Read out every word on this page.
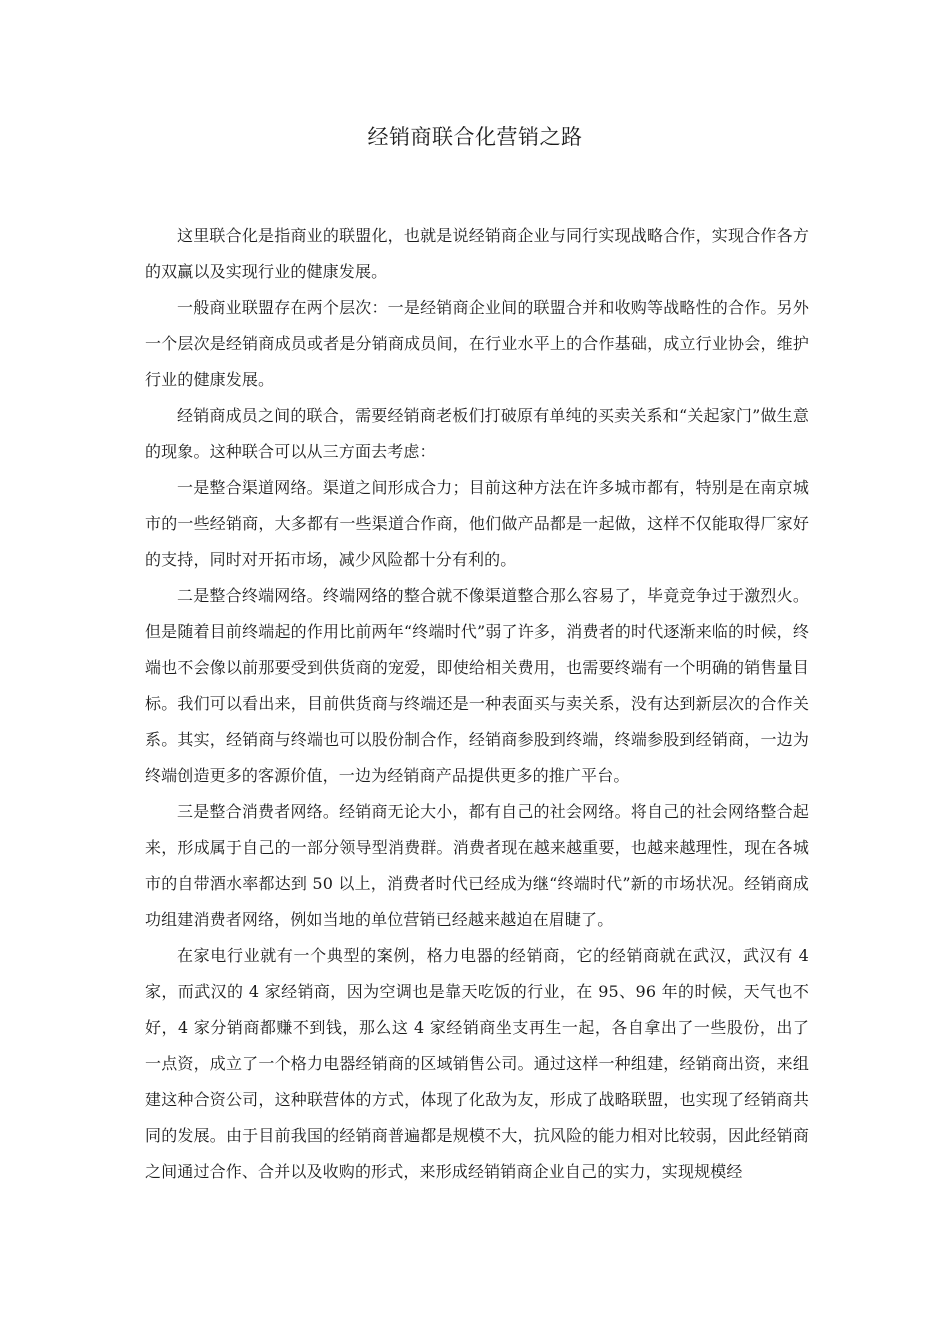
经销商联合化营销之路

这里联合化是指商业的联盟化，也就是说经销商企业与同行实现战略合作，实现合作各方的双赢以及实现行业的健康发展。

一般商业联盟存在两个层次：一是经销商企业间的联盟合并和收购等战略性的合作。另外一个层次是经销商成员或者是分销商成员间，在行业水平上的合作基础，成立行业协会，维护行业的健康发展。

经销商成员之间的联合，需要经销商老板们打破原有单纯的买卖关系和“关起家门”做生意的现象。这种联合可以从三方面去考虑：

一是整合渠道网络。渠道之间形成合力；目前这种方法在许多城市都有，特别是在南京城市的一些经销商，大多都有一些渠道合作商，他们做产品都是一起做，这样不仅能取得厂家好的支持，同时对开拓市场，减少风险都十分有利的。

二是整合终端网络。终端网络的整合就不像渠道整合那么容易了，毕竟竞争过于激烈火。但是随着目前终端起的作用比前两年“终端时代”弱了许多，消费者的时代逐渐来临的时候，终端也不会像以前那要受到供货商的宠爱，即使给相关费用，也需要终端有一个明确的销售量目标。我们可以看出来，目前供货商与终端还是一种表面买与卖关系，没有达到新层次的合作关系。其实，经销商与终端也可以股份制合作，经销商参股到终端，终端参股到经销商，一边为终端创造更多的客源价值，一边为经销商产品提供更多的推广平台。

三是整合消费者网络。经销商无论大小，都有自己的社会网络。将自己的社会网络整合起来，形成属于自己的一部分领导型消费群。消费者现在越来越重要，也越来越理性，现在各城市的自带酒水率都达到 50 以上，消费者时代已经成为继“终端时代”新的市场状况。经销商成功组建消费者网络，例如当地的单位营销已经越来越迫在眉睫了。

在家电行业就有一个典型的案例，格力电器的经销商，它的经销商就在武汉，武汉有 4 家，而武汉的 4 家经销商，因为空调也是靠天吃饭的行业，在 95、96 年的时候，天气也不好，4 家分销商都赚不到钱，那么这 4 家经销商坐支再生一起，各自拿出了一些股份，出了一点资，成立了一个格力电器经销商的区域销售公司。通过这样一种组建，经销商出资，来组建这种合资公司，这种联营体的方式，体现了化敌为友，形成了战略联盟，也实现了经销商共同的发展。由于目前我国的经销商普遍都是规模不大，抗风险的能力相对比较弱，因此经销商之间通过合作、合并以及收购的形式，来形成经销销商企业自己的实力，实现规模经
